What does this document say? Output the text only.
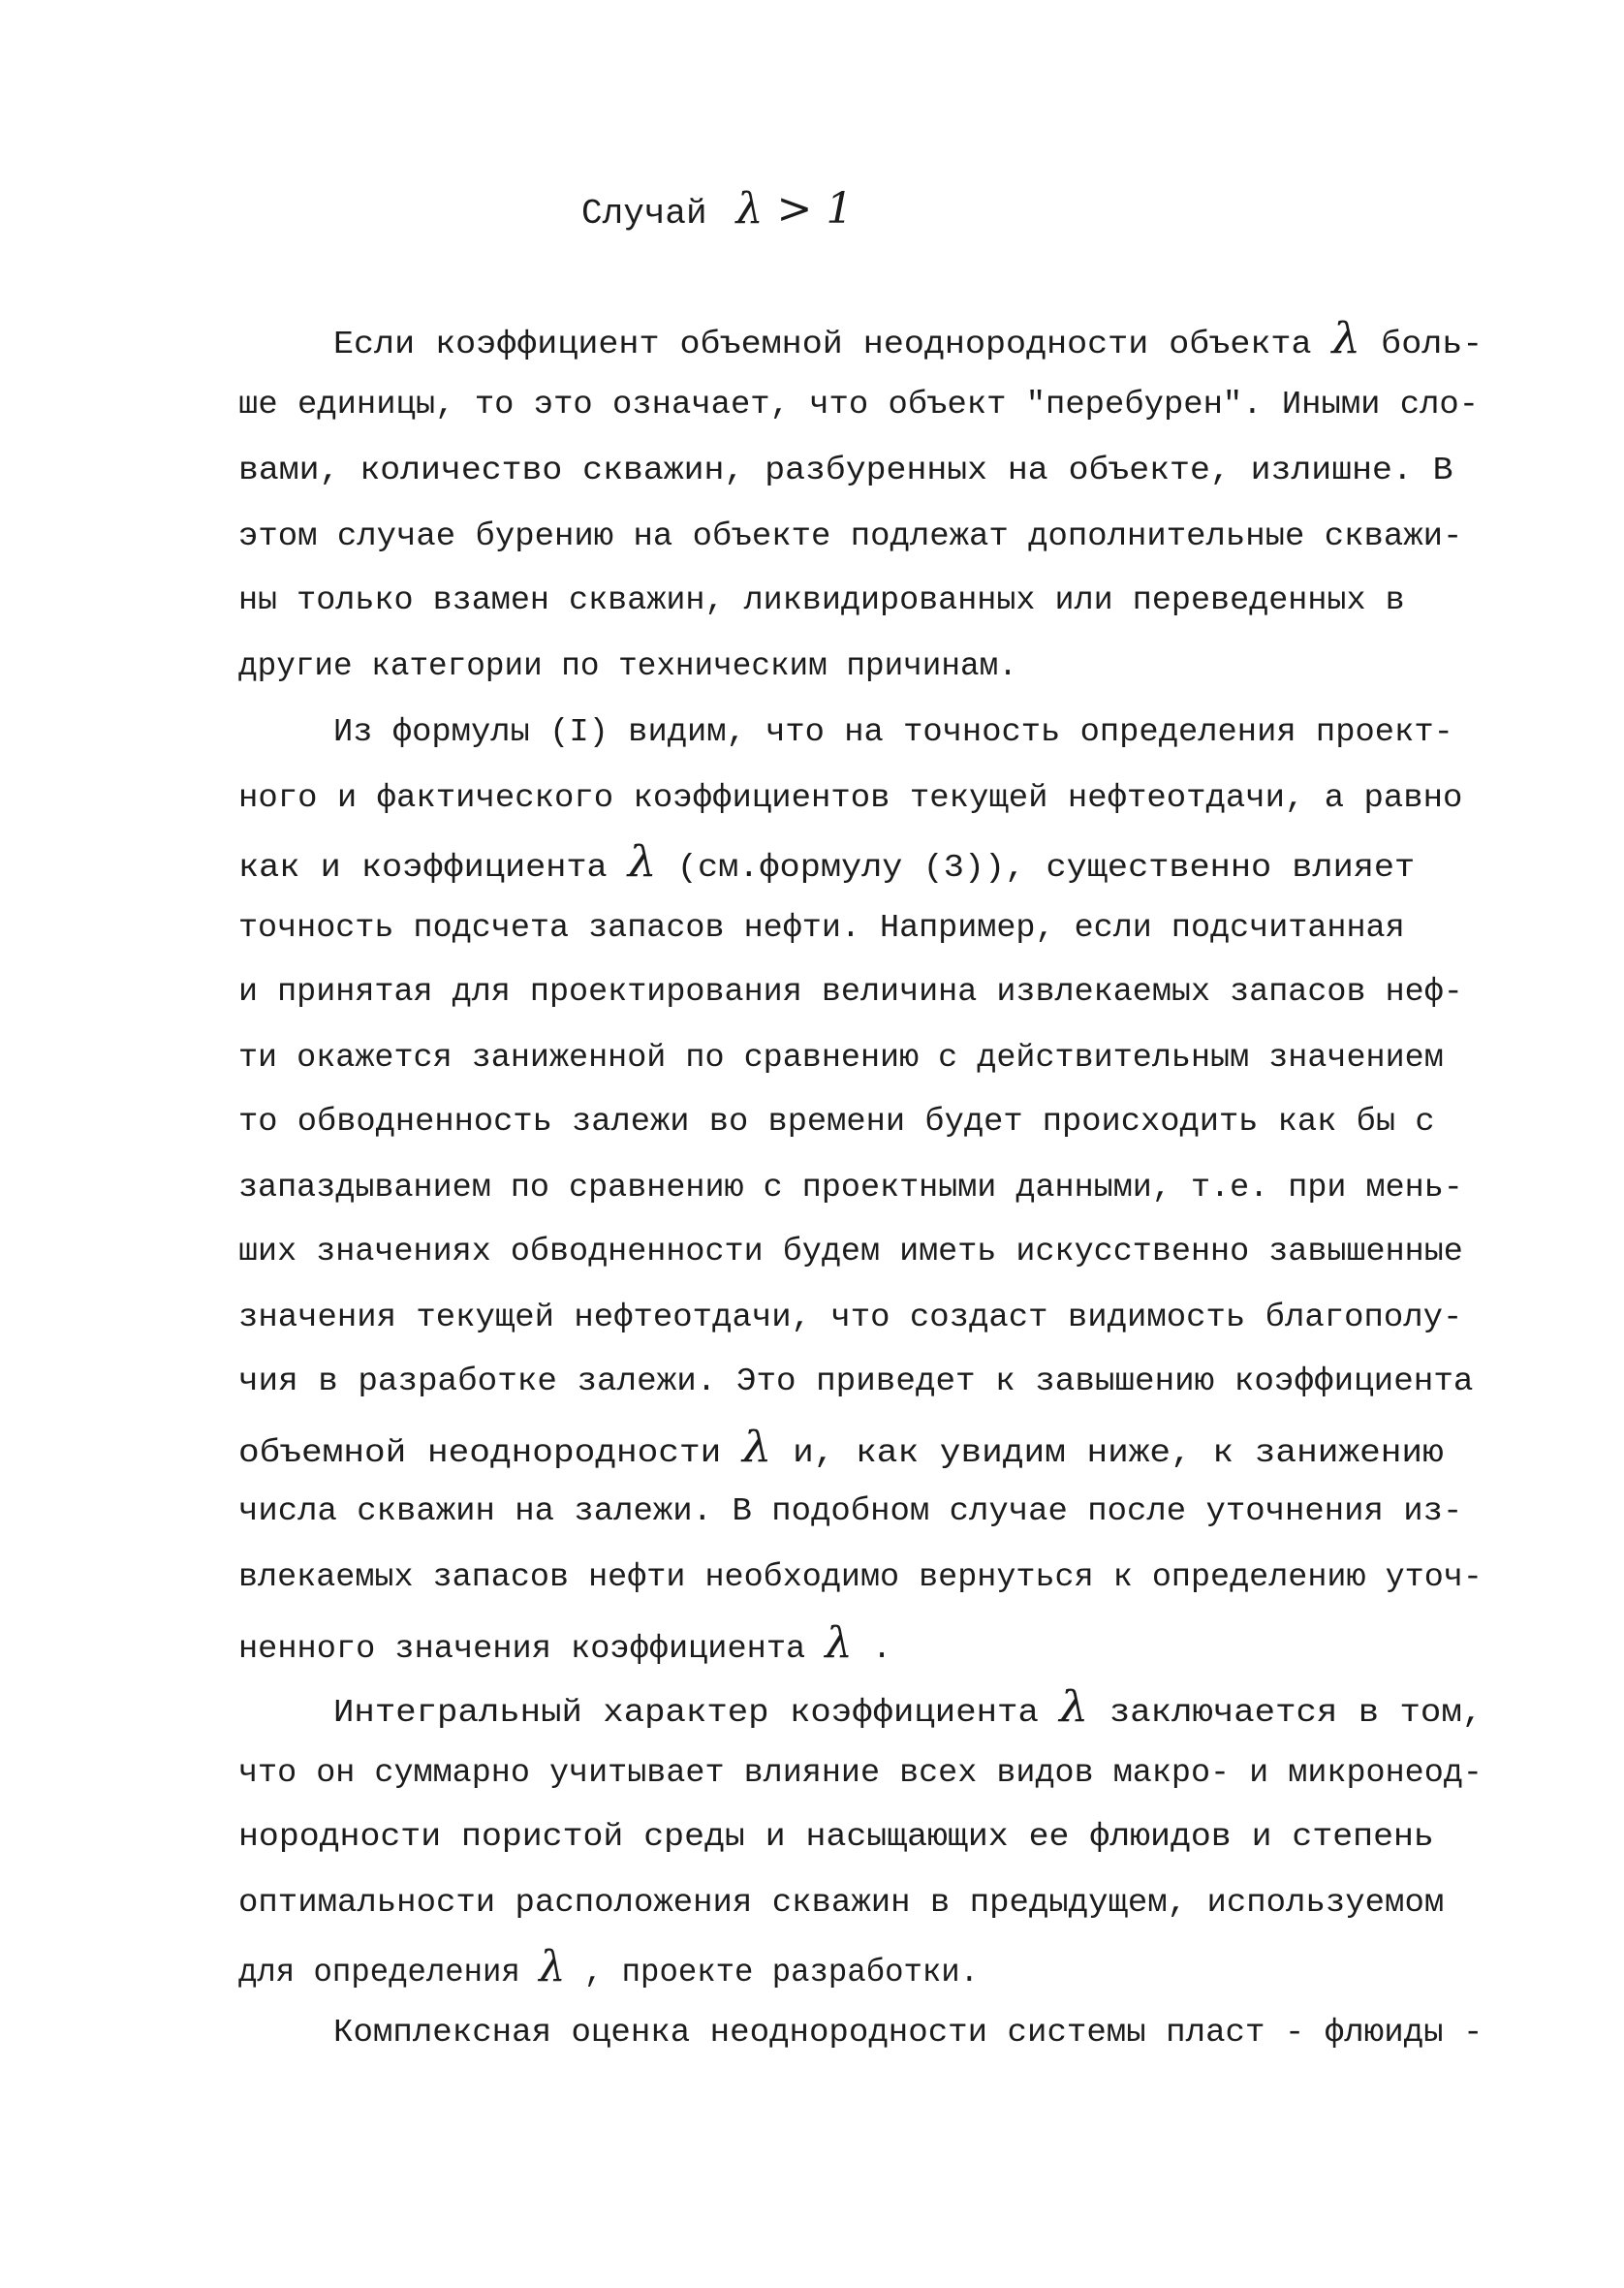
Случай λ > 1
Если коэффициент объемной неоднородности объекта λ боль-
ше единицы, то это означает, что объект "перебурен". Иными сло-
вами, количество скважин, разбуренных на объекте, излишне. В
этом случае бурению на объекте подлежат дополнительные скважи-
ны только взамен скважин, ликвидированных или переведенных в
другие категории по техническим причинам.
Из формулы (I) видим, что на точность определения проект-
ного и фактического коэффициентов текущей нефтеотдачи, а равно
как и коэффициента λ (см.формулу (3)), существенно влияет
точность подсчета запасов нефти. Например, если подсчитанная
и принятая для проектирования величина извлекаемых запасов неф-
ти окажется заниженной по сравнению с действительным значением
то обводненность залежи во времени будет происходить как бы с
запаздыванием по сравнению с проектными данными, т.е. при мень-
ших значениях обводненности будем иметь искусственно завышенные
значения текущей нефтеотдачи, что создаст видимость благополу-
чия в разработке залежи. Это приведет к завышению коэффициента
объемной неоднородности λ и, как увидим ниже, к занижению
числа скважин на залежи. В подобном случае после уточнения из-
влекаемых запасов нефти необходимо вернуться к определению уточ-
ненного значения коэффициента λ .
Интегральный характер коэффициента λ заключается в том,
что он суммарно учитывает влияние всех видов макро- и микронеод-
нородности пористой среды и насыщающих ее флюидов и степень
оптимальности расположения скважин в предыдущем, используемом
для определения λ , проекте разработки.
Комплексная оценка неоднородности системы пласт - флюиды -
